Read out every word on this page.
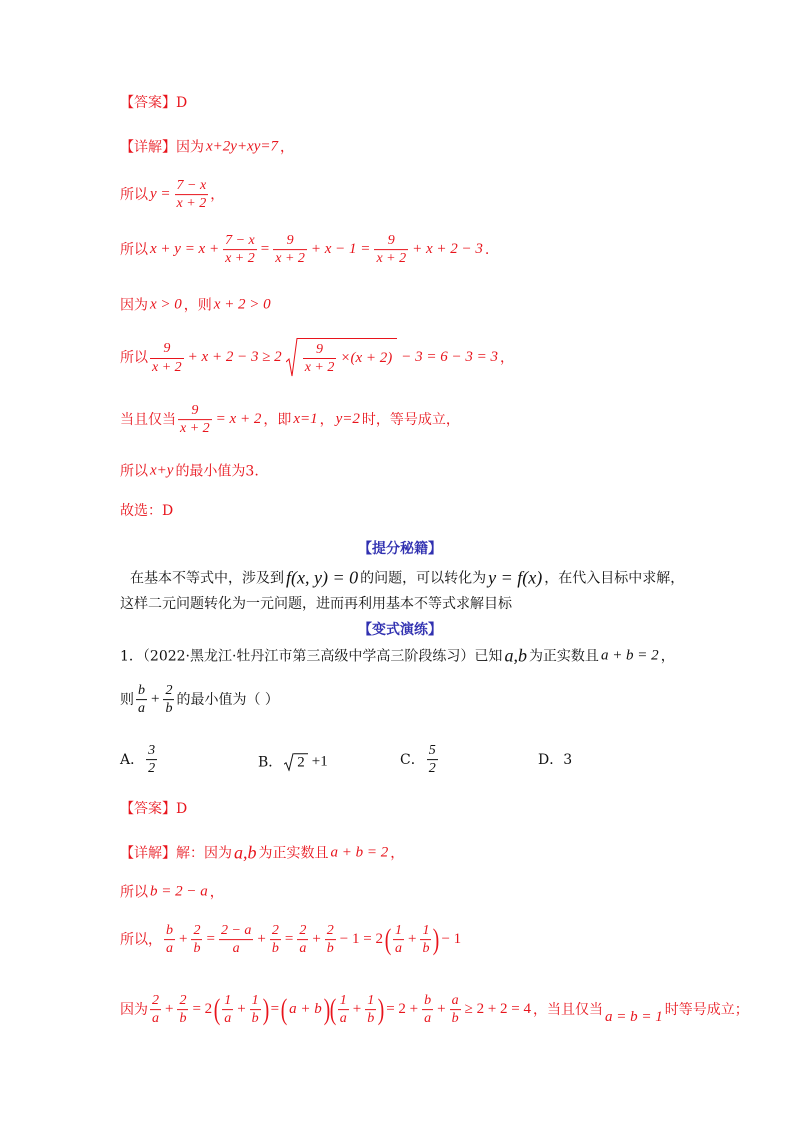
【答案】 D
【详解】 因为 x+2y+xy=7 ，
所以 $y = \frac{7 - x}{x + 2}$ ，
所以 $x + y = x + \frac{7 - x}{x + 2} = \frac{9}{x + 2} + x - 1 = \frac{9}{x + 2} + x + 2 - 3$ .
因为 x > 0 ，则 x + 2 > 0
所以 $\frac{9}{x + 2} + x + 2 - 3 \ge 2 \frac{9}{x + 2} \times(x + 2) - 3 = 6 - 3 = 3$ ，
当且仅当 $\frac{9}{x + 2} = x + 2$ ，即 x=1 ， y=2 时，等号成立，
所以 x+y 的最小值为3.
故选：D
【提分秘籍】
在基本不等式中，涉及到 f(x, y) = 0 的问题，可以转化为 y = f(x) ，在代入目标中求解，
这样二元问题转化为一元问题，进而再利用基本不等式求解目标
【变式演练】
1．（2022·黑龙江·牡丹江市第三高级中学高三阶段练习）已知 a,b 为正实数且 a + b = 2 ，
则 $\frac{b}{a} + \frac{2}{b}$ 的最小值为（ ）
A． $\frac{3}{2}$	B． 2 +1	C． $\frac{5}{2}$	D． 3
【答案】 D
【详解】 解：因为 a,b 为正实数且 a + b = 2 ，
所以 b = 2 − a ，
所以， $\frac{b}{a} + \frac{2}{b} = \frac{2 - a}{a} + \frac{2}{b} = \frac{2}{a} + \frac{2}{b} - 1 = 2$ ( $\frac{1}{a} + \frac{1}{b}$ ) − 1
因为 $\frac{2}{a} + \frac{2}{b} = 2$ ( $\frac{1}{a} + \frac{1}{b}$ ) = ( a + b ) ( $\frac{1}{a} + \frac{1}{b}$ ) = $2 + \frac{b}{a} + \frac{a}{b} \ge 2 + 2 = 4$ ，当且仅当 a = b = 1 时等号成立；
